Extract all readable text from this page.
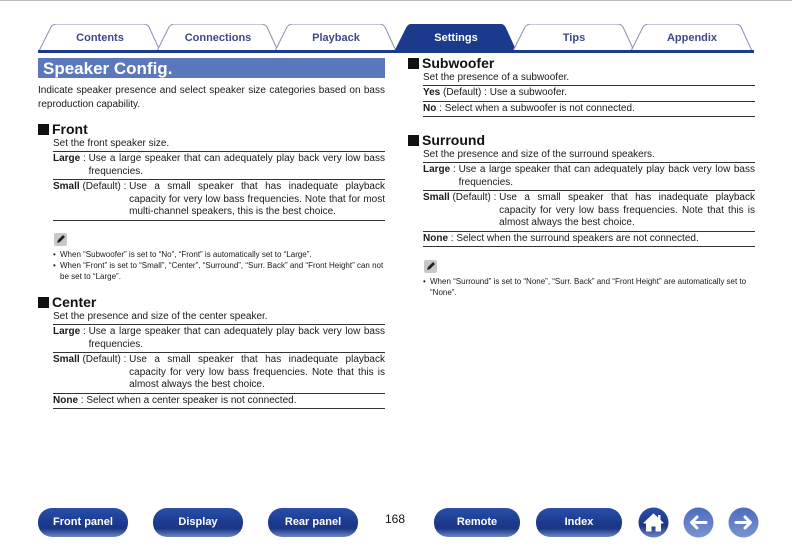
Contents	Connections	Playback	Settings	Tips	Appendix
Speaker Config.
Indicate speaker presence and select speaker size categories based on bass reproduction capability.
Front
Set the front speaker size.
Large : Use a large speaker that can adequately play back very low bass frequencies.
Small (Default) : Use a small speaker that has inadequate playback capacity for very low bass frequencies. Note that for most multi-channel speakers, this is the best choice.
• When “Subwoofer” is set to “No”, “Front” is automatically set to “Large”.
• When “Front” is set to “Small”, “Center”, “Surround”, “Surr. Back” and “Front Height” can not be set to “Large”.
Center
Set the presence and size of the center speaker.
Large : Use a large speaker that can adequately play back very low bass frequencies.
Small (Default) : Use a small speaker that has inadequate playback capacity for very low bass frequencies. Note that this is almost always the best choice.
None : Select when a center speaker is not connected.
Subwoofer
Set the presence of a subwoofer.
Yes (Default) : Use a subwoofer.
No : Select when a subwoofer is not connected.
Surround
Set the presence and size of the surround speakers.
Large : Use a large speaker that can adequately play back very low bass frequencies.
Small (Default) : Use a small speaker that has inadequate playback capacity for very low bass frequencies. Note that this is almost always the best choice.
None : Select when the surround speakers are not connected.
• When “Surround” is set to “None”, “Surr. Back” and “Front Height” are automatically set to “None”.
Front panel	Display	Rear panel	168	Remote	Index
